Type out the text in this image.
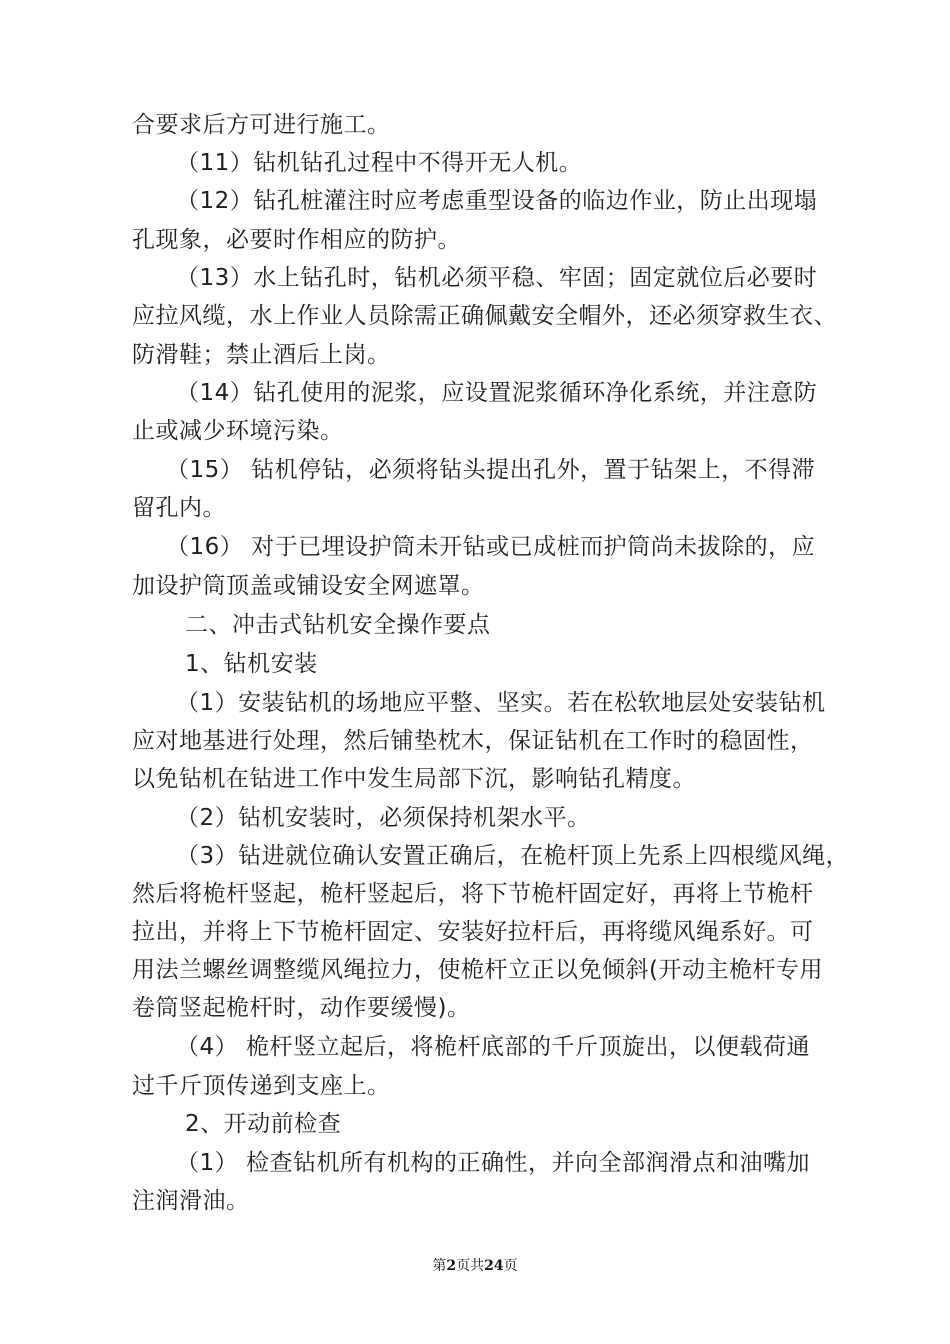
合要求后方可进行施工。
（11）钻机钻孔过程中不得开无人机。
（12）钻孔桩灌注时应考虑重型设备的临边作业，防止出现塌
孔现象，必要时作相应的防护。
（13）水上钻孔时，钻机必须平稳、牢固；固定就位后必要时
应拉风缆，水上作业人员除需正确佩戴安全帽外，还必须穿救生衣、
防滑鞋；禁止酒后上岗。
（14）钻孔使用的泥浆，应设置泥浆循环净化系统，并注意防
止或减少环境污染。
（15） 钻机停钻，必须将钻头提出孔外，置于钻架上，不得滞
留孔内。
（16） 对于已埋设护筒未开钻或已成桩而护筒尚未拔除的，应
加设护筒顶盖或铺设安全网遮罩。
二、冲击式钻机安全操作要点
1、钻机安装
（1）安装钻机的场地应平整、坚实。若在松软地层处安装钻机
应对地基进行处理，然后铺垫枕木，保证钻机在工作时的稳固性，
以免钻机在钻进工作中发生局部下沉，影响钻孔精度。
（2）钻机安装时，必须保持机架水平。
（3）钻进就位确认安置正确后，在桅杆顶上先系上四根缆风绳，
然后将桅杆竖起，桅杆竖起后，将下节桅杆固定好，再将上节桅杆
拉出，并将上下节桅杆固定、安装好拉杆后，再将缆风绳系好。可
用法兰螺丝调整缆风绳拉力，使桅杆立正以免倾斜(开动主桅杆专用
卷筒竖起桅杆时，动作要缓慢)。
（4） 桅杆竖立起后，将桅杆底部的千斤顶旋出，以便载荷通
过千斤顶传递到支座上。
2、开动前检查
（1） 检查钻机所有机构的正确性，并向全部润滑点和油嘴加
注润滑油。
第2页共24页
